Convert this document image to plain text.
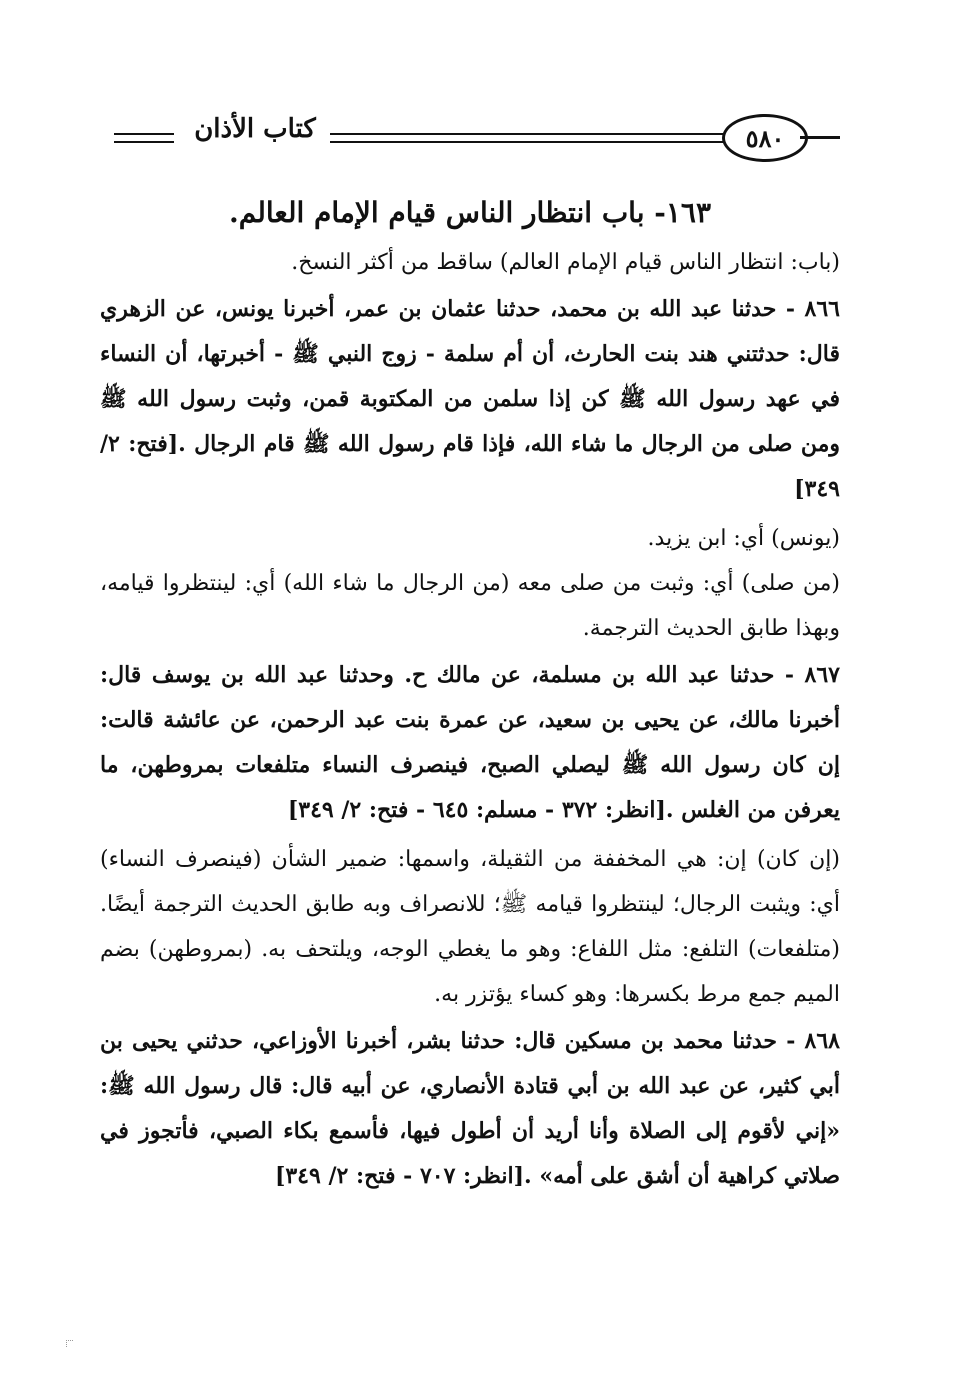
كتاب الأذان	٥٨٠
١٦٣- باب انتظار الناس قيام الإمام العالم.

(باب: انتظار الناس قيام الإمام العالم) ساقط من أكثر النسخ.

٨٦٦ - حدثنا عبد الله بن محمد، حدثنا عثمان بن عمر، أخبرنا يونس، عن الزهري قال: حدثتني هند بنت الحارث، أن أم سلمة - زوج النبي ﷺ - أخبرتها، أن النساء في عهد رسول الله ﷺ كن إذا سلمن من المكتوبة قمن، وثبت رسول الله ﷺ ومن صلى من الرجال ما شاء الله، فإذا قام رسول الله ﷺ قام الرجال .[فتح: ٢/ ٣٤٩]

(يونس) أي: ابن يزيد.

(من صلى) أي: وثبت من صلى معه (من الرجال ما شاء الله) أي: لينتظروا قيامه، وبهذا طابق الحديث الترجمة.

٨٦٧ - حدثنا عبد الله بن مسلمة، عن مالك ح. وحدثنا عبد الله بن يوسف قال: أخبرنا مالك، عن يحيى بن سعيد، عن عمرة بنت عبد الرحمن، عن عائشة قالت: إن كان رسول الله ﷺ ليصلي الصبح، فينصرف النساء متلفعات بمروطهن، ما يعرفن من الغلس .[انظر: ٣٧٢ - مسلم: ٦٤٥ - فتح: ٢/ ٣٤٩]

(إن كان) إن: هي المخففة من الثقيلة، واسمها: ضمير الشأن (فينصرف النساء) أي: ويثبت الرجال؛ لينتظروا قيامه ﷺ؛ للانصراف وبه طابق الحديث الترجمة أيضًا. (متلفعات) التلفع: مثل اللفاع: وهو ما يغطي الوجه، ويلتحف به. (بمروطهن) بضم الميم جمع مرط بكسرها: وهو كساء يؤتزر به.

٨٦٨ - حدثنا محمد بن مسكين قال: حدثنا بشر، أخبرنا الأوزاعي، حدثني يحيى بن أبي كثير، عن عبد الله بن أبي قتادة الأنصاري، عن أبيه قال: قال رسول الله ﷺ: «إني لأقوم إلى الصلاة وأنا أريد أن أطول فيها، فأسمع بكاء الصبي، فأتجوز في صلاتي كراهية أن أشق على أمه» .[انظر: ٧٠٧ - فتح: ٢/ ٣٤٩]
